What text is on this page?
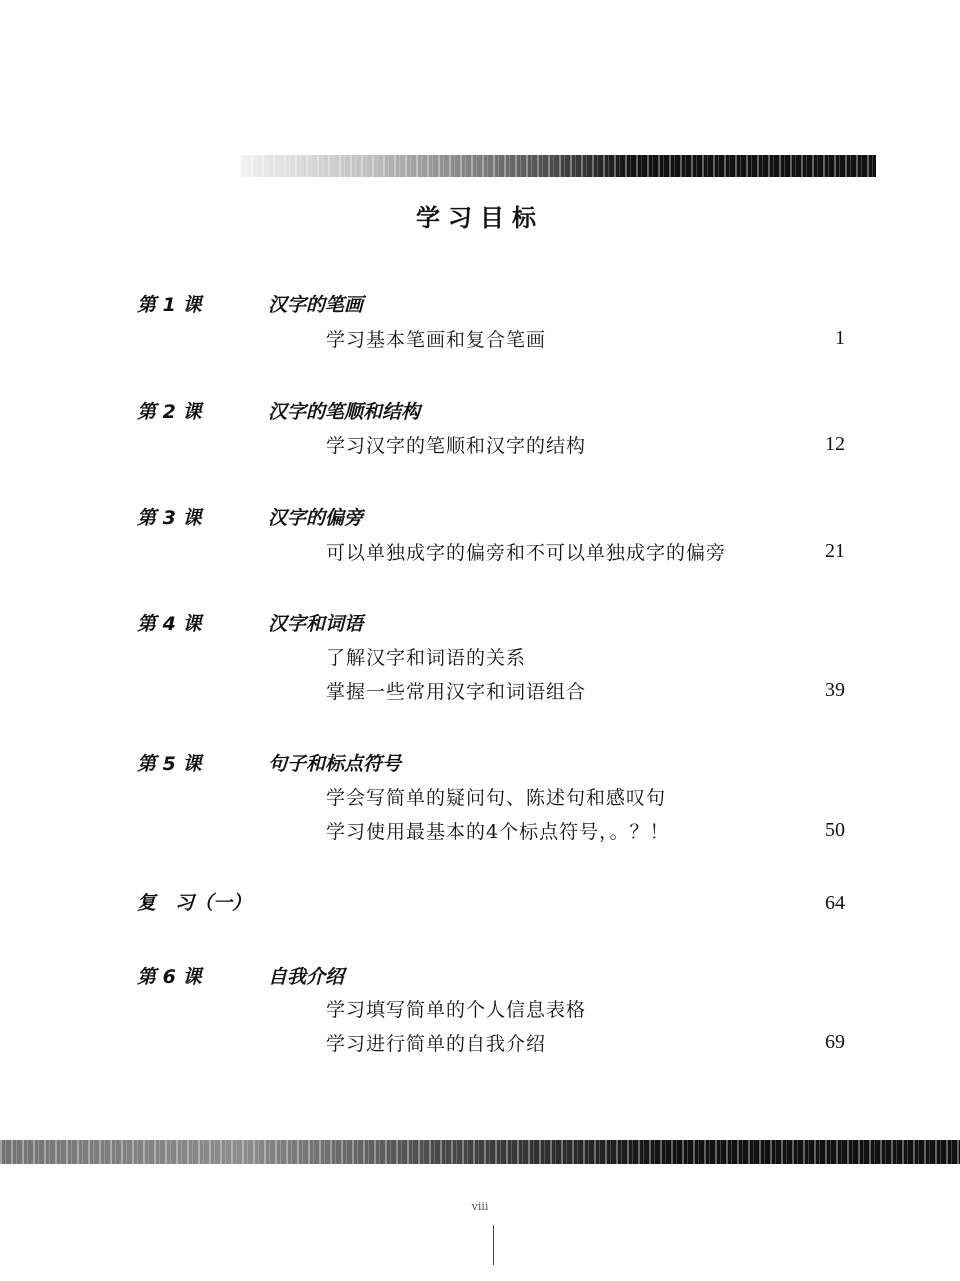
学习目标
第 1 课	汉字的笔画
学习基本笔画和复合笔画	1
第 2 课	汉字的笔顺和结构
学习汉字的笔顺和汉字的结构	12
第 3 课	汉字的偏旁
可以单独成字的偏旁和不可以单独成字的偏旁	21
第 4 课	汉字和词语
了解汉字和词语的关系
掌握一些常用汉字和词语组合	39
第 5 课	句子和标点符号
学会写简单的疑问句、陈述句和感叹句
学习使用最基本的4个标点符号，。？！	50
复　习（一）	64
第 6 课	自我介绍
学习填写简单的个人信息表格
学习进行简单的自我介绍	69
viii
